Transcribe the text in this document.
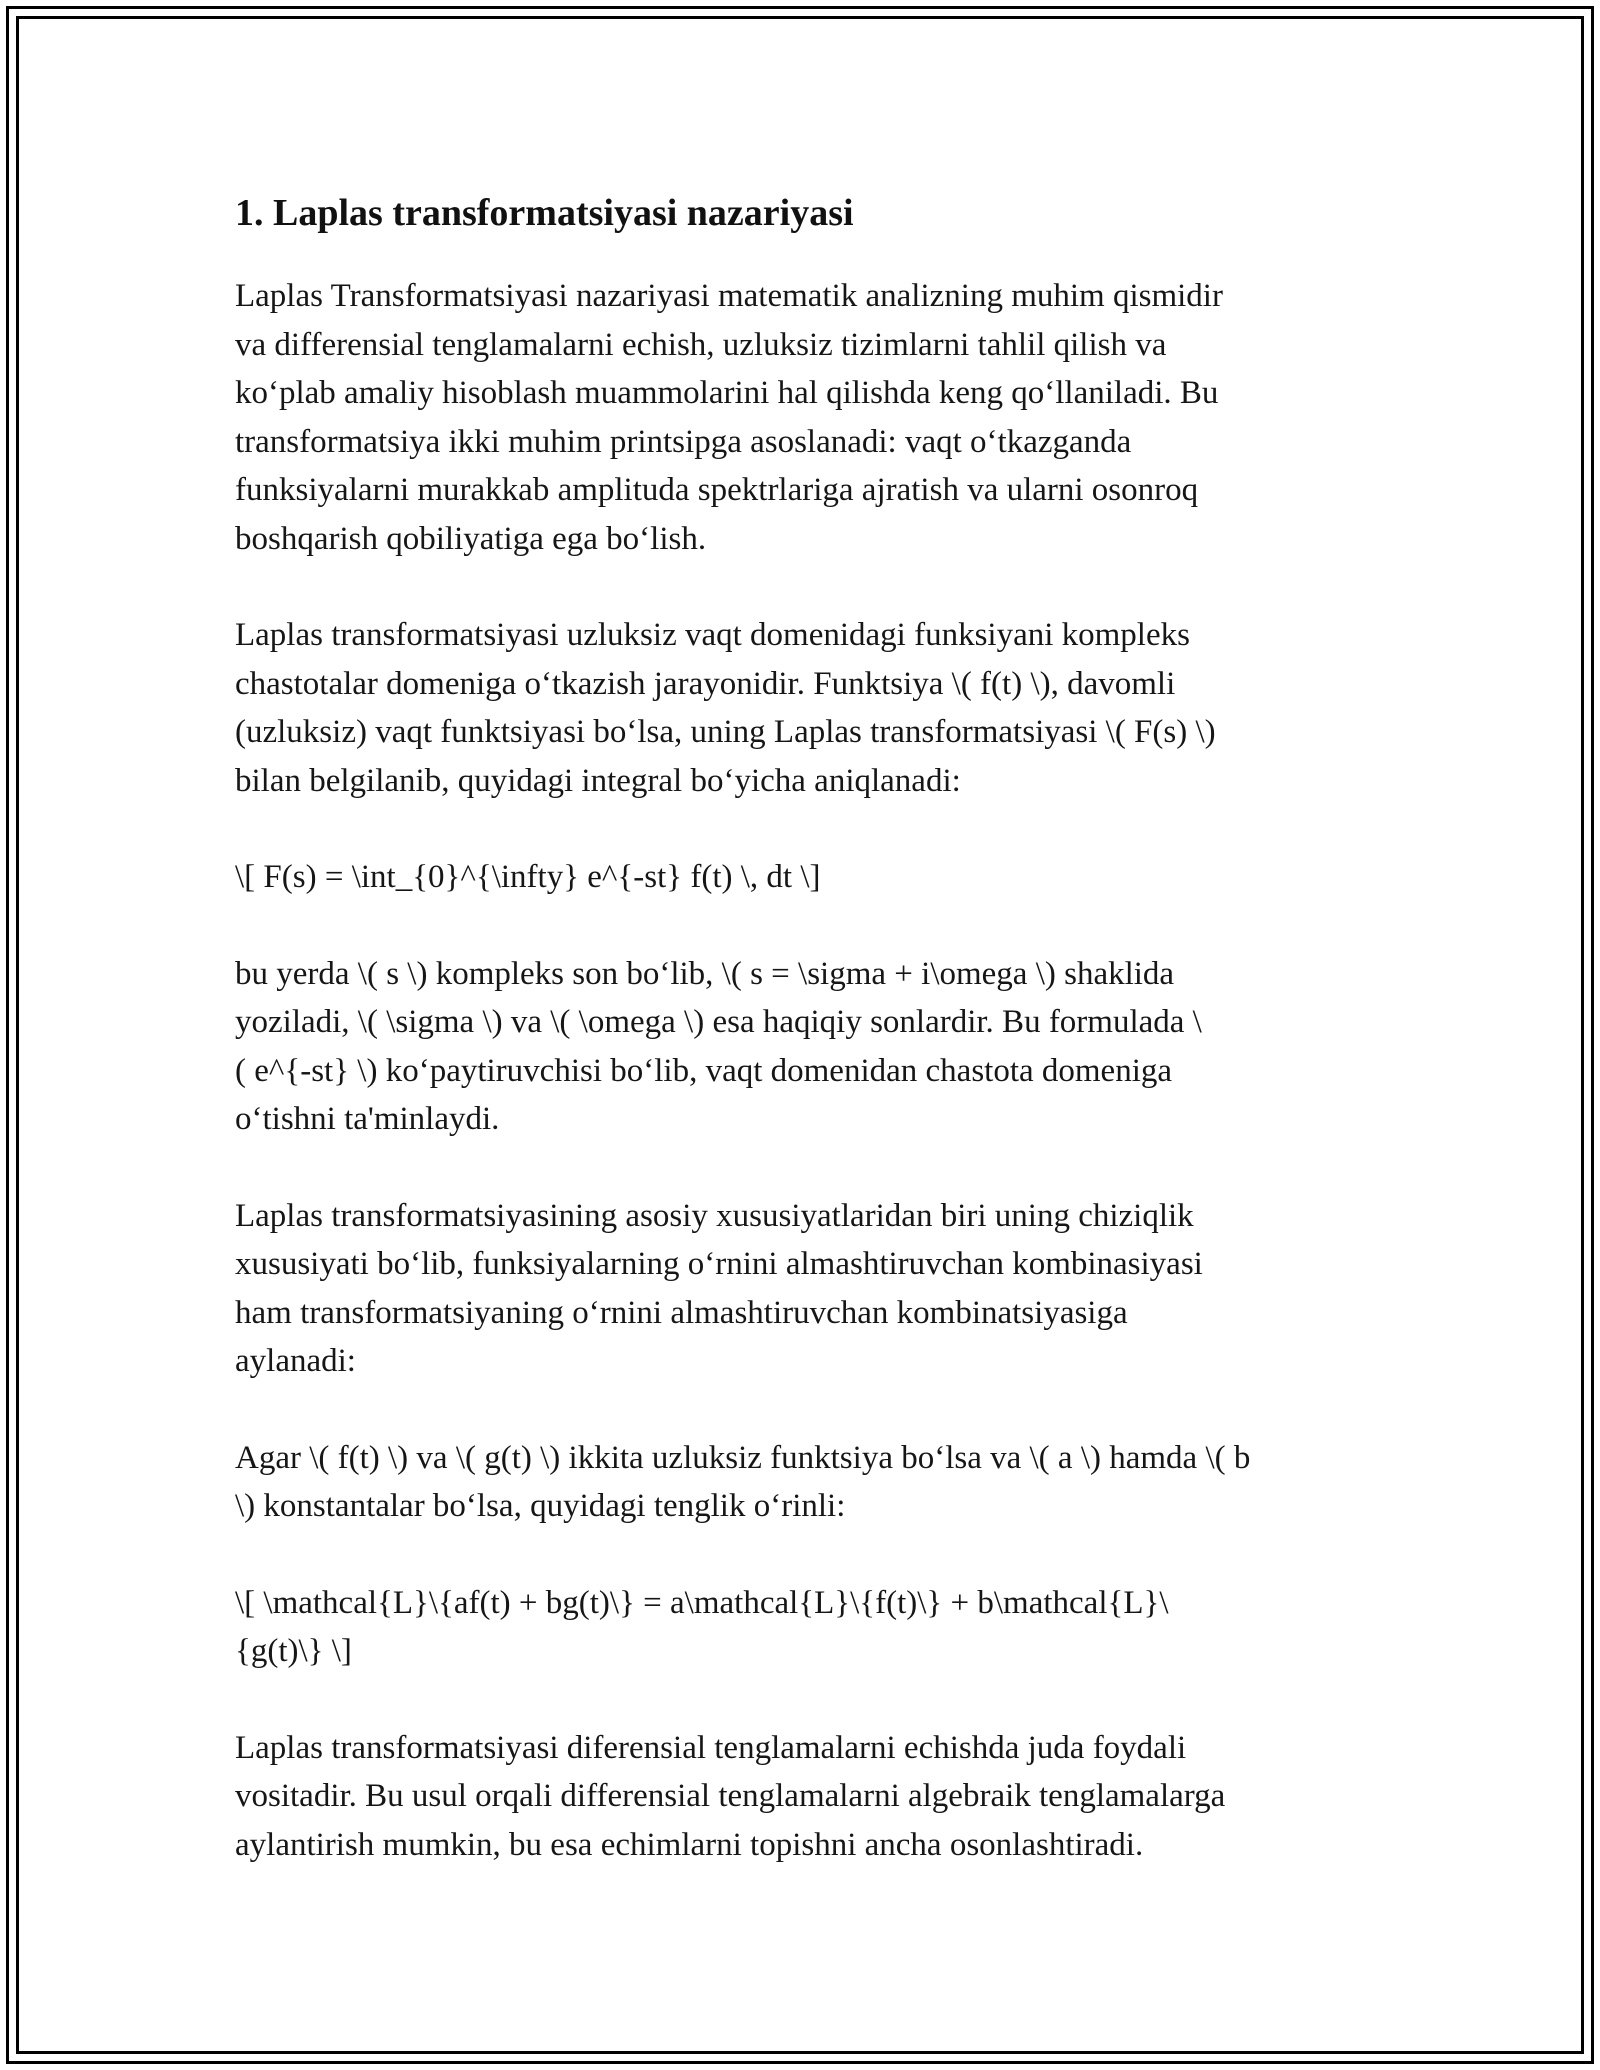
1. Laplas transformatsiyasi nazariyasi

Laplas Transformatsiyasi nazariyasi matematik analizning muhim qismidir
va differensial tenglamalarni echish, uzluksiz tizimlarni tahlil qilish va
ko‘plab amaliy hisoblash muammolarini hal qilishda keng qo‘llaniladi. Bu
transformatsiya ikki muhim printsipga asoslanadi: vaqt o‘tkazganda
funksiyalarni murakkab amplituda spektrlariga ajratish va ularni osonroq
boshqarish qobiliyatiga ega bo‘lish.

Laplas transformatsiyasi uzluksiz vaqt domenidagi funksiyani kompleks
chastotalar domeniga o‘tkazish jarayonidir. Funktsiya \( f(t) \), davomli
(uzluksiz) vaqt funktsiyasi bo‘lsa, uning Laplas transformatsiyasi \( F(s) \)
bilan belgilanib, quyidagi integral bo‘yicha aniqlanadi:

\[ F(s) = \int_{0}^{\infty} e^{-st} f(t) \, dt \]

bu yerda \( s \) kompleks son bo‘lib, \( s = \sigma + i\omega \) shaklida
yoziladi, \( \sigma \) va \( \omega \) esa haqiqiy sonlardir. Bu formulada \
( e^{-st} \) ko‘paytiruvchisi bo‘lib, vaqt domenidan chastota domeniga
o‘tishni ta'minlaydi.

Laplas transformatsiyasining asosiy xususiyatlaridan biri uning chiziqlik
xususiyati bo‘lib, funksiyalarning o‘rnini almashtiruvchan kombinasiyasi
ham transformatsiyaning o‘rnini almashtiruvchan kombinatsiyasiga
aylanadi:

Agar \( f(t) \) va \( g(t) \) ikkita uzluksiz funktsiya bo‘lsa va \( a \) hamda \( b
\) konstantalar bo‘lsa, quyidagi tenglik o‘rinli:

\[ \mathcal{L}\{af(t) + bg(t)\} = a\mathcal{L}\{f(t)\} + b\mathcal{L}\
{g(t)\} \]

Laplas transformatsiyasi diferensial tenglamalarni echishda juda foydali
vositadir. Bu usul orqali differensial tenglamalarni algebraik tenglamalarga
aylantirish mumkin, bu esa echimlarni topishni ancha osonlashtiradi.
